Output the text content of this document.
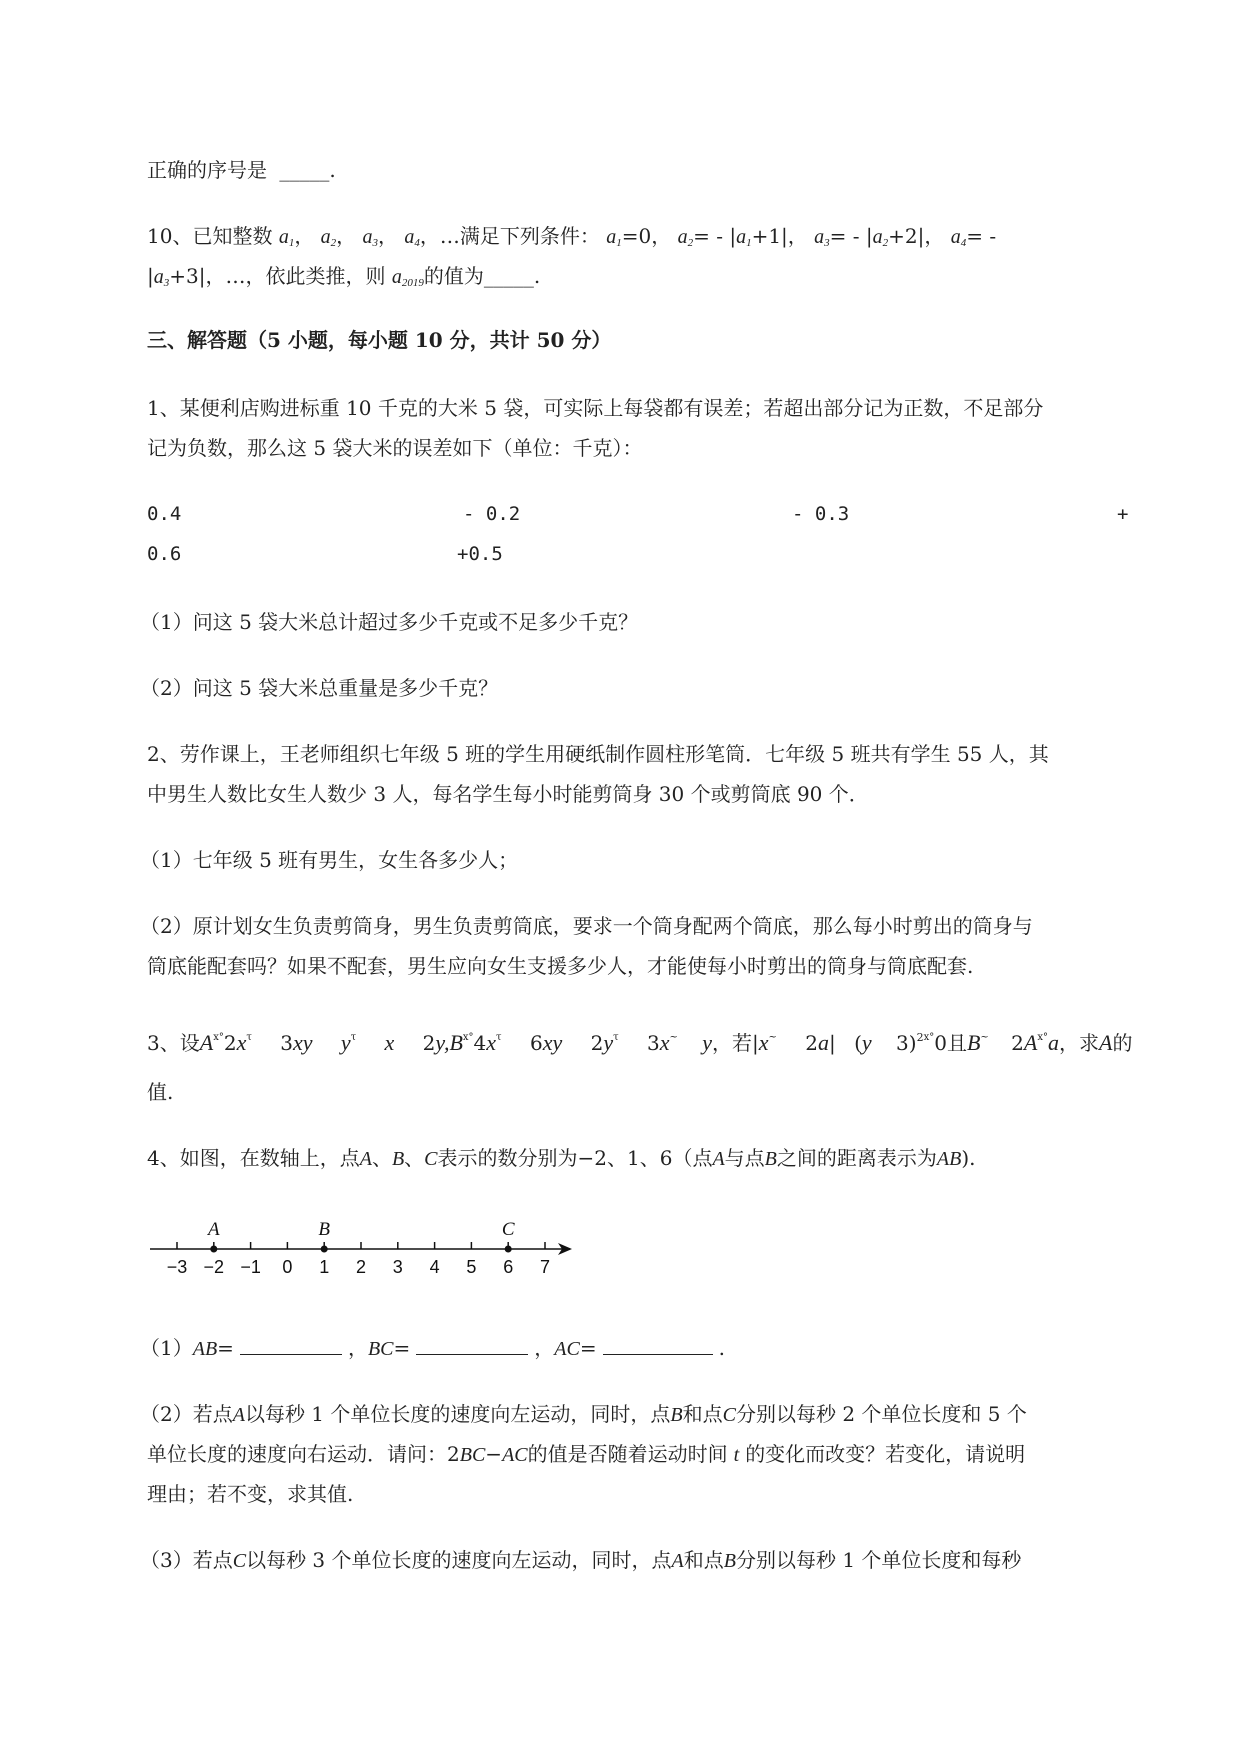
正确的序号是 _____.
10、已知整数 $a_1$， $a_2$， $a_3$， $a_4$，…满足下列条件： $a_1=0$， $a_2= - |a_1+1|$， $a_3= - |a_2+2|$， $a_4=$ -
$|a_3+3|$，…，依此类推，则 $a_{2019}$的值为_____.
三、解答题（5 小题，每小题 10 分，共计 50 分）
1、某便利店购进标重 10 千克的大米 5 袋，可实际上每袋都有误差；若超出部分记为正数，不足部分
记为负数，那么这 5 袋大米的误差如下（单位：千克）：
0.4	- 0.2	- 0.3	+
0.6	+0.5
（1）问这 5 袋大米总计超过多少千克或不足多少千克？
（2）问这 5 袋大米总重量是多少千克？
2、劳作课上，王老师组织七年级 5 班的学生用硬纸制作圆柱形笔筒．七年级 5 班共有学生 55 人，其
中男生人数比女生人数少 3 人，每名学生每小时能剪筒身 30 个或剪筒底 90 个．
（1）七年级 5 班有男生，女生各多少人；
（2）原计划女生负责剪筒身，男生负责剪筒底，要求一个筒身配两个筒底，那么每小时剪出的筒身与
筒底能配套吗？如果不配套，男生应向女生支援多少人，才能使每小时剪出的筒身与筒底配套.
3、设$A^{x^\circ}2x^\tau$ 3xy $y^\tau$ x $2y,B^{x^\circ}4x^\tau$ 6xy $2y^\tau$ 3x~ y，若|x~ 2a| (y 3)$^{2x^\circ}$0且B~ $2A^{x^\circ}a$，求A的
值.
4、如图，在数轴上，点A、B、C表示的数分别为−2、1、6（点A与点B之间的距离表示为AB).
−3 −2 −1 0 1 2 3 4 5 6 7
A	B	C
（1）AB=	，BC=	，AC=	.
（2）若点A以每秒 1 个单位长度的速度向左运动，同时，点B和点C分别以每秒 2 个单位长度和 5 个
单位长度的速度向右运动．请问：2BC−AC的值是否随着运动时间 t 的变化而改变？若变化，请说明
理由；若不变，求其值.
（3）若点C以每秒 3 个单位长度的速度向左运动，同时，点A和点B分别以每秒 1 个单位长度和每秒
